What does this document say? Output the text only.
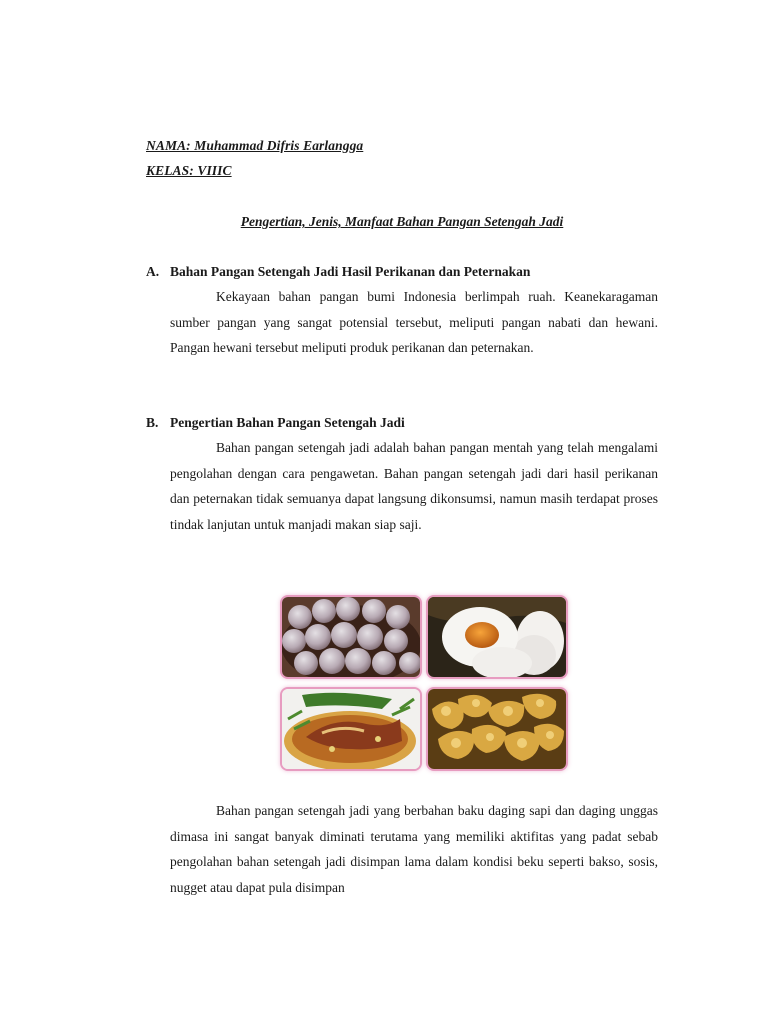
NAMA: Muhammad Difris Earlangga
KELAS: VIIIC
Pengertian, Jenis, Manfaat Bahan Pangan Setengah Jadi
A. Bahan Pangan Setengah Jadi Hasil Perikanan dan Peternakan
Kekayaan bahan pangan bumi Indonesia berlimpah ruah. Keanekaragaman sumber pangan yang sangat potensial tersebut, meliputi pangan nabati dan hewani. Pangan hewani tersebut meliputi produk perikanan dan peternakan.
B. Pengertian Bahan Pangan Setengah Jadi
Bahan pangan setengah jadi adalah bahan pangan mentah yang telah mengalami pengolahan dengan cara pengawetan. Bahan pangan setengah jadi dari hasil perikanan dan peternakan tidak semuanya dapat langsung dikonsumsi, namun masih terdapat proses tindak lanjutan untuk manjadi makan siap saji.
Bahan pangan setengah jadi yang berbahan baku daging sapi dan daging unggas dimasa ini sangat banyak diminati terutama yang memiliki aktifitas yang padat sebab pengolahan bahan setengah jadi disimpan lama dalam kondisi beku seperti bakso, sosis, nugget atau dapat pula disimpan
